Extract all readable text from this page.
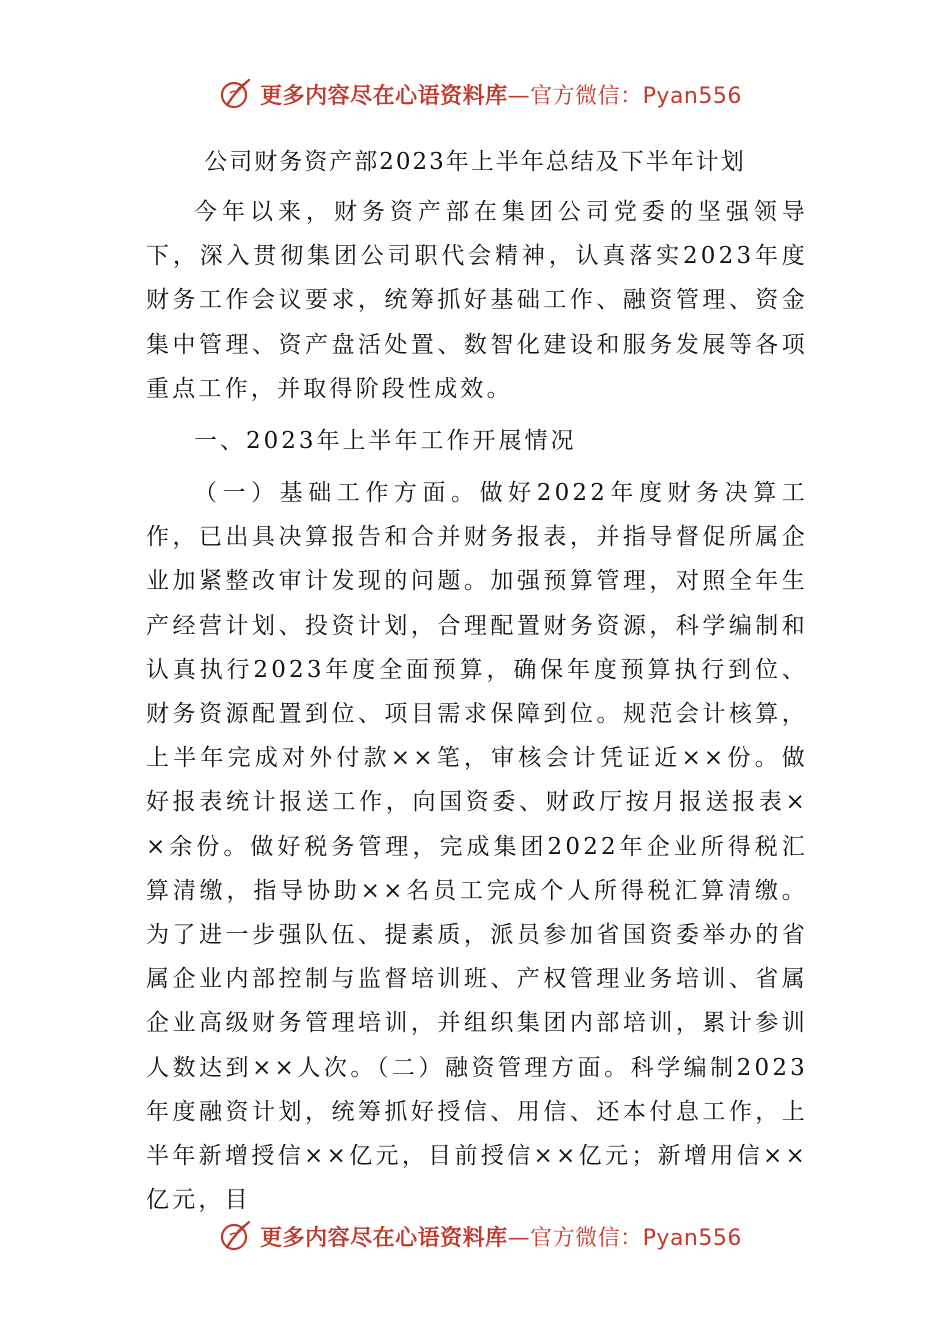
更多内容尽在心语资料库—官方微信：Pyan556
公司财务资产部2023年上半年总结及下半年计划

今年以来，财务资产部在集团公司党委的坚强领导下，深入贯彻集团公司职代会精神，认真落实2023年度财务工作会议要求，统筹抓好基础工作、融资管理、资金集中管理、资产盘活处置、数智化建设和服务发展等各项重点工作，并取得阶段性成效。

一、2023年上半年工作开展情况

（一）基础工作方面。做好2022年度财务决算工作，已出具决算报告和合并财务报表，并指导督促所属企业加紧整改审计发现的问题。加强预算管理，对照全年生产经营计划、投资计划，合理配置财务资源，科学编制和认真执行2023年度全面预算，确保年度预算执行到位、财务资源配置到位、项目需求保障到位。规范会计核算，上半年完成对外付款××笔，审核会计凭证近××份。做好报表统计报送工作，向国资委、财政厅按月报送报表××余份。做好税务管理，完成集团2022年企业所得税汇算清缴，指导协助××名员工完成个人所得税汇算清缴。为了进一步强队伍、提素质，派员参加省国资委举办的省属企业内部控制与监督培训班、产权管理业务培训、省属企业高级财务管理培训，并组织集团内部培训，累计参训人数达到××人次。（二）融资管理方面。科学编制2023年度融资计划，统筹抓好授信、用信、还本付息工作，上半年新增授信××亿元，目前授信××亿元；新增用信××亿元，目

更多内容尽在心语资料库—官方微信：Pyan556
